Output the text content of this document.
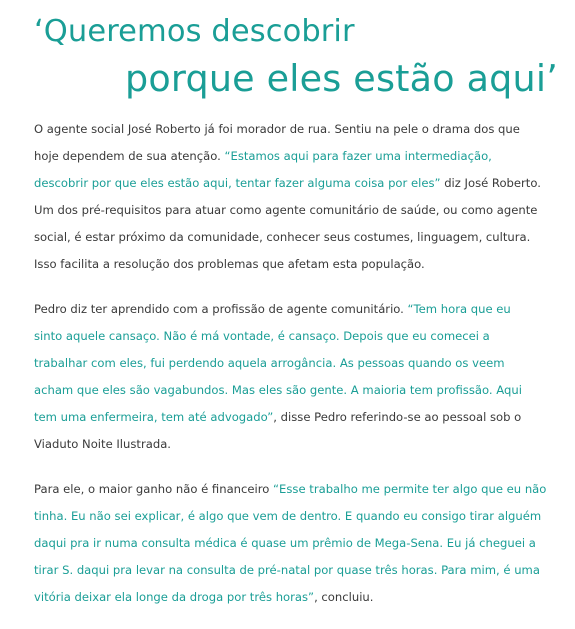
‘Queremos descobrir
porque eles estão aqui’

O agente social José Roberto já foi morador de rua. Sentiu na pele o drama dos que
hoje dependem de sua atenção. “Estamos aqui para fazer uma intermediação,
descobrir por que eles estão aqui, tentar fazer alguma coisa por eles” diz José Roberto.
Um dos pré-requisitos para atuar como agente comunitário de saúde, ou como agente
social, é estar próximo da comunidade, conhecer seus costumes, linguagem, cultura.
Isso facilita a resolução dos problemas que afetam esta população.

Pedro diz ter aprendido com a profissão de agente comunitário. “Tem hora que eu
sinto aquele cansaço. Não é má vontade, é cansaço. Depois que eu comecei a
trabalhar com eles, fui perdendo aquela arrogância. As pessoas quando os veem
acham que eles são vagabundos. Mas eles são gente. A maioria tem profissão. Aqui
tem uma enfermeira, tem até advogado”, disse Pedro referindo-se ao pessoal sob o
Viaduto Noite Ilustrada.

Para ele, o maior ganho não é financeiro “Esse trabalho me permite ter algo que eu não
tinha. Eu não sei explicar, é algo que vem de dentro. E quando eu consigo tirar alguém
daqui pra ir numa consulta médica é quase um prêmio de Mega-Sena. Eu já cheguei a
tirar S. daqui pra levar na consulta de pré-natal por quase três horas. Para mim, é uma
vitória deixar ela longe da droga por três horas”, concluiu.
